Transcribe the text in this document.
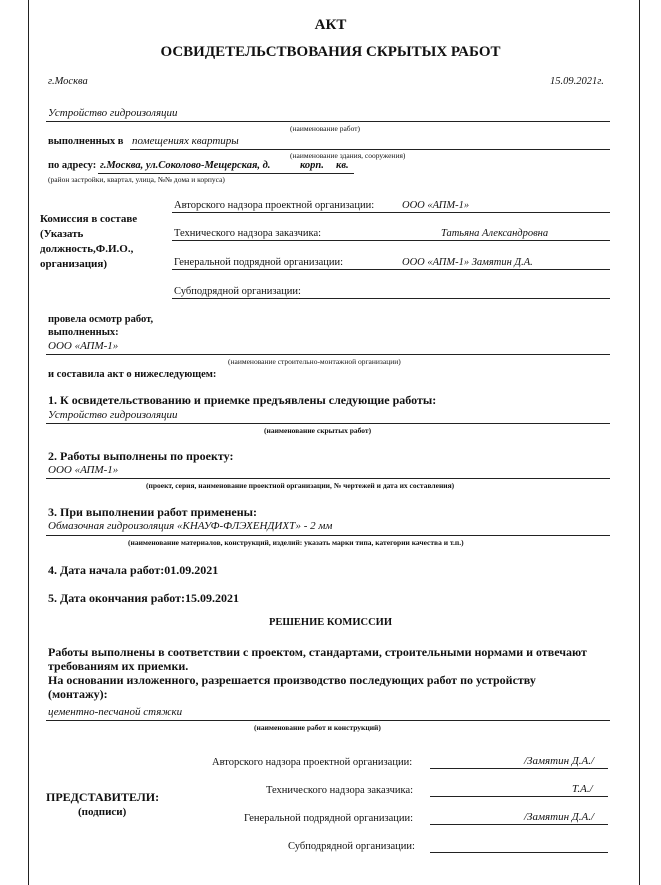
АКТ
ОСВИДЕТЕЛЬСТВОВАНИЯ СКРЫТЫХ РАБОТ
г.Москва	15.09.2021г.
Устройство гидроизоляции
(наименование работ)
выполненных в помещениях квартиры
(наименование здания, сооружения)
по адресу: г.Москва, ул.Соколово-Мещерская, д.	корп. кв.
(район застройки, квартал, улица, №№ дома и корпуса)
Комиссия в составе (Указать должность,Ф.И.О., организация)
Авторского надзора проектной организации:	ООО «АПМ-1»
Технического надзора заказчика:	Татьяна Александровна
Генеральной подрядной организации:	ООО «АПМ-1» Замятин Д.А.
Субподрядной организации:
провела осмотр работ, выполненных:
ООО «АПМ-1»
(наименование строительно-монтажной организации)
и составила акт о нижеследующем:
1. К освидетельствованию и приемке предъявлены следующие работы:
Устройство гидроизоляции
(наименование скрытых работ)
2. Работы выполнены по проекту:
ООО «АПМ-1»
(проект, серия, наименование проектной организации, № чертежей и дата их составления)
3. При выполнении работ применены:
Обмазочная гидроизоляция «КНАУФ-ФЛЭХЕНДИХТ» - 2 мм
(наименование материалов, конструкций, изделий: указать марки типа, категории качества и т.п.)
4. Дата начала работ:01.09.2021
5. Дата окончания работ:15.09.2021
РЕШЕНИЕ КОМИССИИ
Работы выполнены в соответствии с проектом, стандартами, строительными нормами и отвечают требованиям их приемки.
На основании изложенного, разрешается производство последующих работ по устройству (монтажу):
цементно-песчаной стяжки
(наименование работ и конструкций)
ПРЕДСТАВИТЕЛИ:
(подписи)
Авторского надзора проектной организации:	/Замятин Д.А./
Технического надзора заказчика:	Т.А./
Генеральной подрядной организации:	/Замятин Д.А./
Субподрядной организации:
